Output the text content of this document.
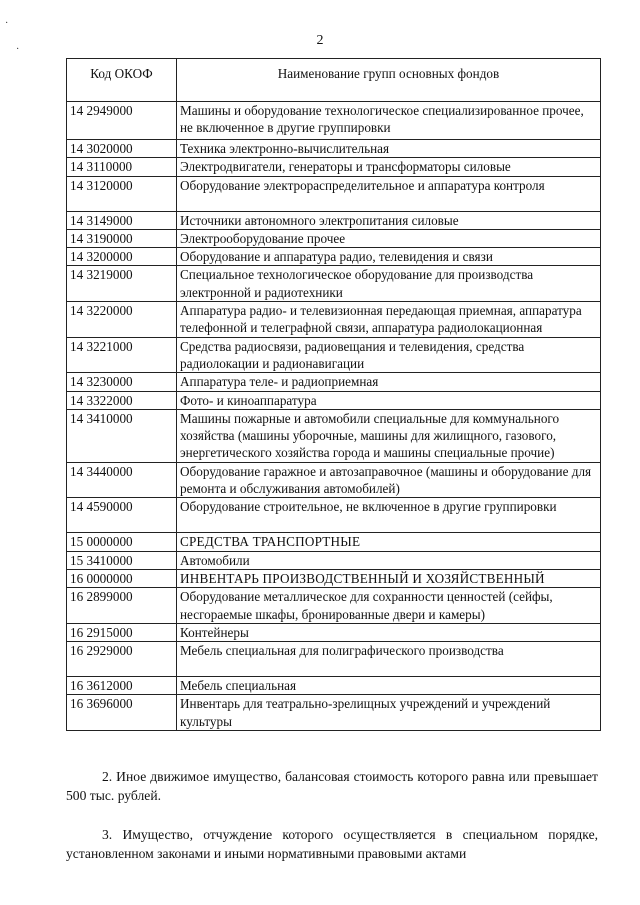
·
·
2
Код ОКОФ	Наименование групп основных фондов
14 2949000	Машины и оборудование технологическое специализированное прочее, не включенное в другие группировки
14 3020000	Техника электронно-вычислительная
14 3110000	Электродвигатели, генераторы и трансформаторы силовые
14 3120000	Оборудование электрораспределительное и аппаратура контроля
14 3149000	Источники автономного электропитания силовые
14 3190000	Электрооборудование прочее
14 3200000	Оборудование и аппаратура радио, телевидения и связи
14 3219000	Специальное технологическое оборудование для производства электронной и радиотехники
14 3220000	Аппаратура радио- и телевизионная передающая приемная, аппаратура телефонной и телеграфной связи, аппаратура радиолокационная
14 3221000	Средства радиосвязи, радиовещания и телевидения, средства радиолокации и радионавигации
14 3230000	Аппаратура теле- и радиоприемная
14 3322000	Фото- и киноаппаратура
14 3410000	Машины пожарные и автомобили специальные для коммунального хозяйства (машины уборочные, машины для жилищного, газового, энергетического хозяйства города и машины специальные прочие)
14 3440000	Оборудование гаражное и автозаправочное (машины и оборудование для ремонта и обслуживания автомобилей)
14 4590000	Оборудование строительное, не включенное в другие группировки
15 0000000	СРЕДСТВА ТРАНСПОРТНЫЕ
15 3410000	Автомобили
16 0000000	ИНВЕНТАРЬ ПРОИЗВОДСТВЕННЫЙ И ХОЗЯЙСТВЕННЫЙ
16 2899000	Оборудование металлическое для сохранности ценностей (сейфы, несгораемые шкафы, бронированные двери и камеры)
16 2915000	Контейнеры
16 2929000	Мебель специальная для полиграфического производства
16 3612000	Мебель специальная
16 3696000	Инвентарь для театрально-зрелищных учреждений и учреждений культуры

2. Иное движимое имущество, балансовая стоимость которого равна или превышает 500 тыс. рублей.

3. Имущество, отчуждение которого осуществляется в специальном порядке, установленном законами и иными нормативными правовыми актами
